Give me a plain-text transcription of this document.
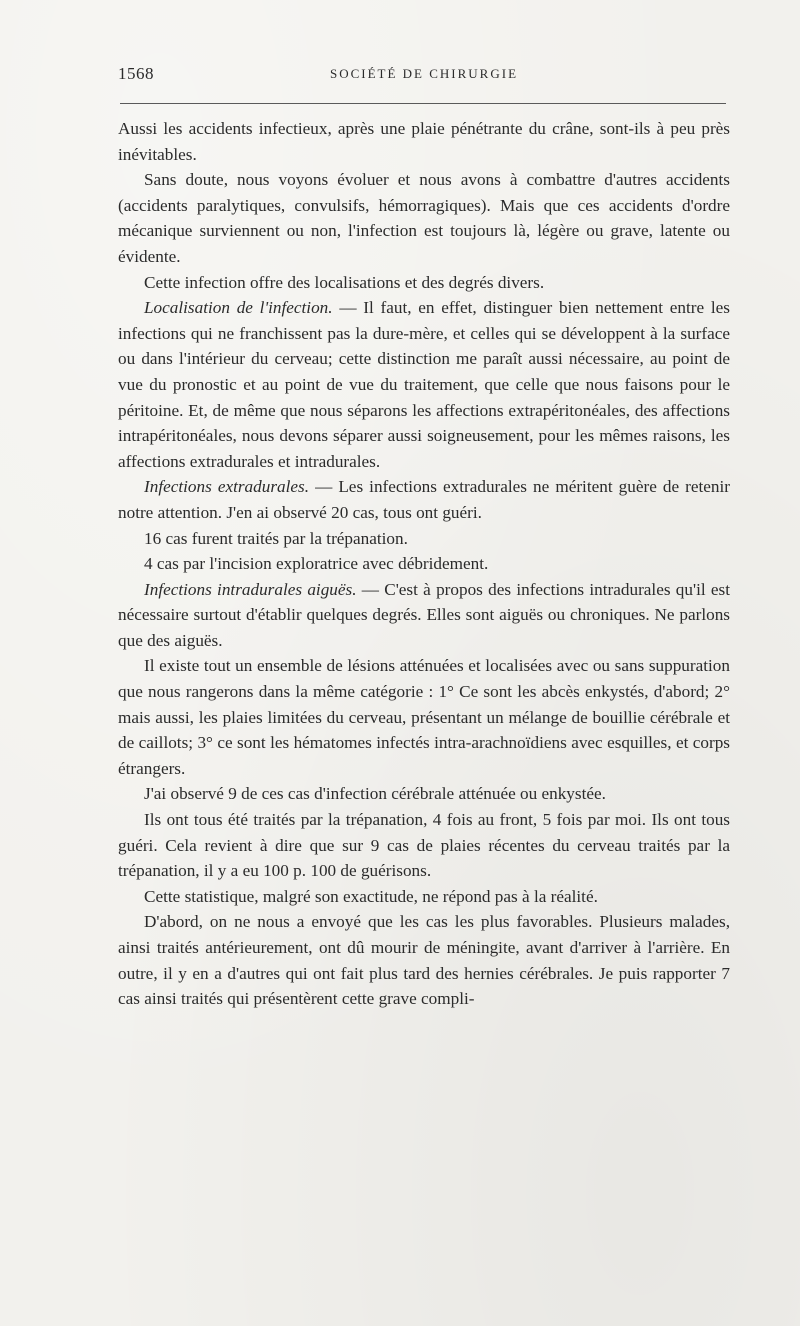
1568	SOCIÉTÉ DE CHIRURGIE

Aussi les accidents infectieux, après une plaie pénétrante du crâne, sont-ils à peu près inévitables.

Sans doute, nous voyons évoluer et nous avons à combattre d'autres accidents (accidents paralytiques, convulsifs, hémorragiques). Mais que ces accidents d'ordre mécanique surviennent ou non, l'infection est toujours là, légère ou grave, latente ou évidente.

Cette infection offre des localisations et des degrés divers.

Localisation de l'infection. — Il faut, en effet, distinguer bien nettement entre les infections qui ne franchissent pas la dure-mère, et celles qui se développent à la surface ou dans l'intérieur du cerveau; cette distinction me paraît aussi nécessaire, au point de vue du pronostic et au point de vue du traitement, que celle que nous faisons pour le péritoine. Et, de même que nous séparons les affections extrapéritonéales, des affections intrapéritonéales, nous devons séparer aussi soigneusement, pour les mêmes raisons, les affections extradurales et intradurales.

Infections extradurales. — Les infections extradurales ne méritent guère de retenir notre attention. J'en ai observé 20 cas, tous ont guéri.

16 cas furent traités par la trépanation.

4 cas par l'incision exploratrice avec débridement.

Infections intradurales aiguës. — C'est à propos des infections intradurales qu'il est nécessaire surtout d'établir quelques degrés. Elles sont aiguës ou chroniques. Ne parlons que des aiguës.

Il existe tout un ensemble de lésions atténuées et localisées avec ou sans suppuration que nous rangerons dans la même catégorie : 1° Ce sont les abcès enkystés, d'abord; 2° mais aussi, les plaies limitées du cerveau, présentant un mélange de bouillie cérébrale et de caillots; 3° ce sont les hématomes infectés intra-arachnoïdiens avec esquilles, et corps étrangers.

J'ai observé 9 de ces cas d'infection cérébrale atténuée ou enkystée.

Ils ont tous été traités par la trépanation, 4 fois au front, 5 fois par moi. Ils ont tous guéri. Cela revient à dire que sur 9 cas de plaies récentes du cerveau traités par la trépanation, il y a eu 100 p. 100 de guérisons.

Cette statistique, malgré son exactitude, ne répond pas à la réalité.

D'abord, on ne nous a envoyé que les cas les plus favorables. Plusieurs malades, ainsi traités antérieurement, ont dû mourir de méningite, avant d'arriver à l'arrière. En outre, il y en a d'autres qui ont fait plus tard des hernies cérébrales. Je puis rapporter 7 cas ainsi traités qui présentèrent cette grave compli-
